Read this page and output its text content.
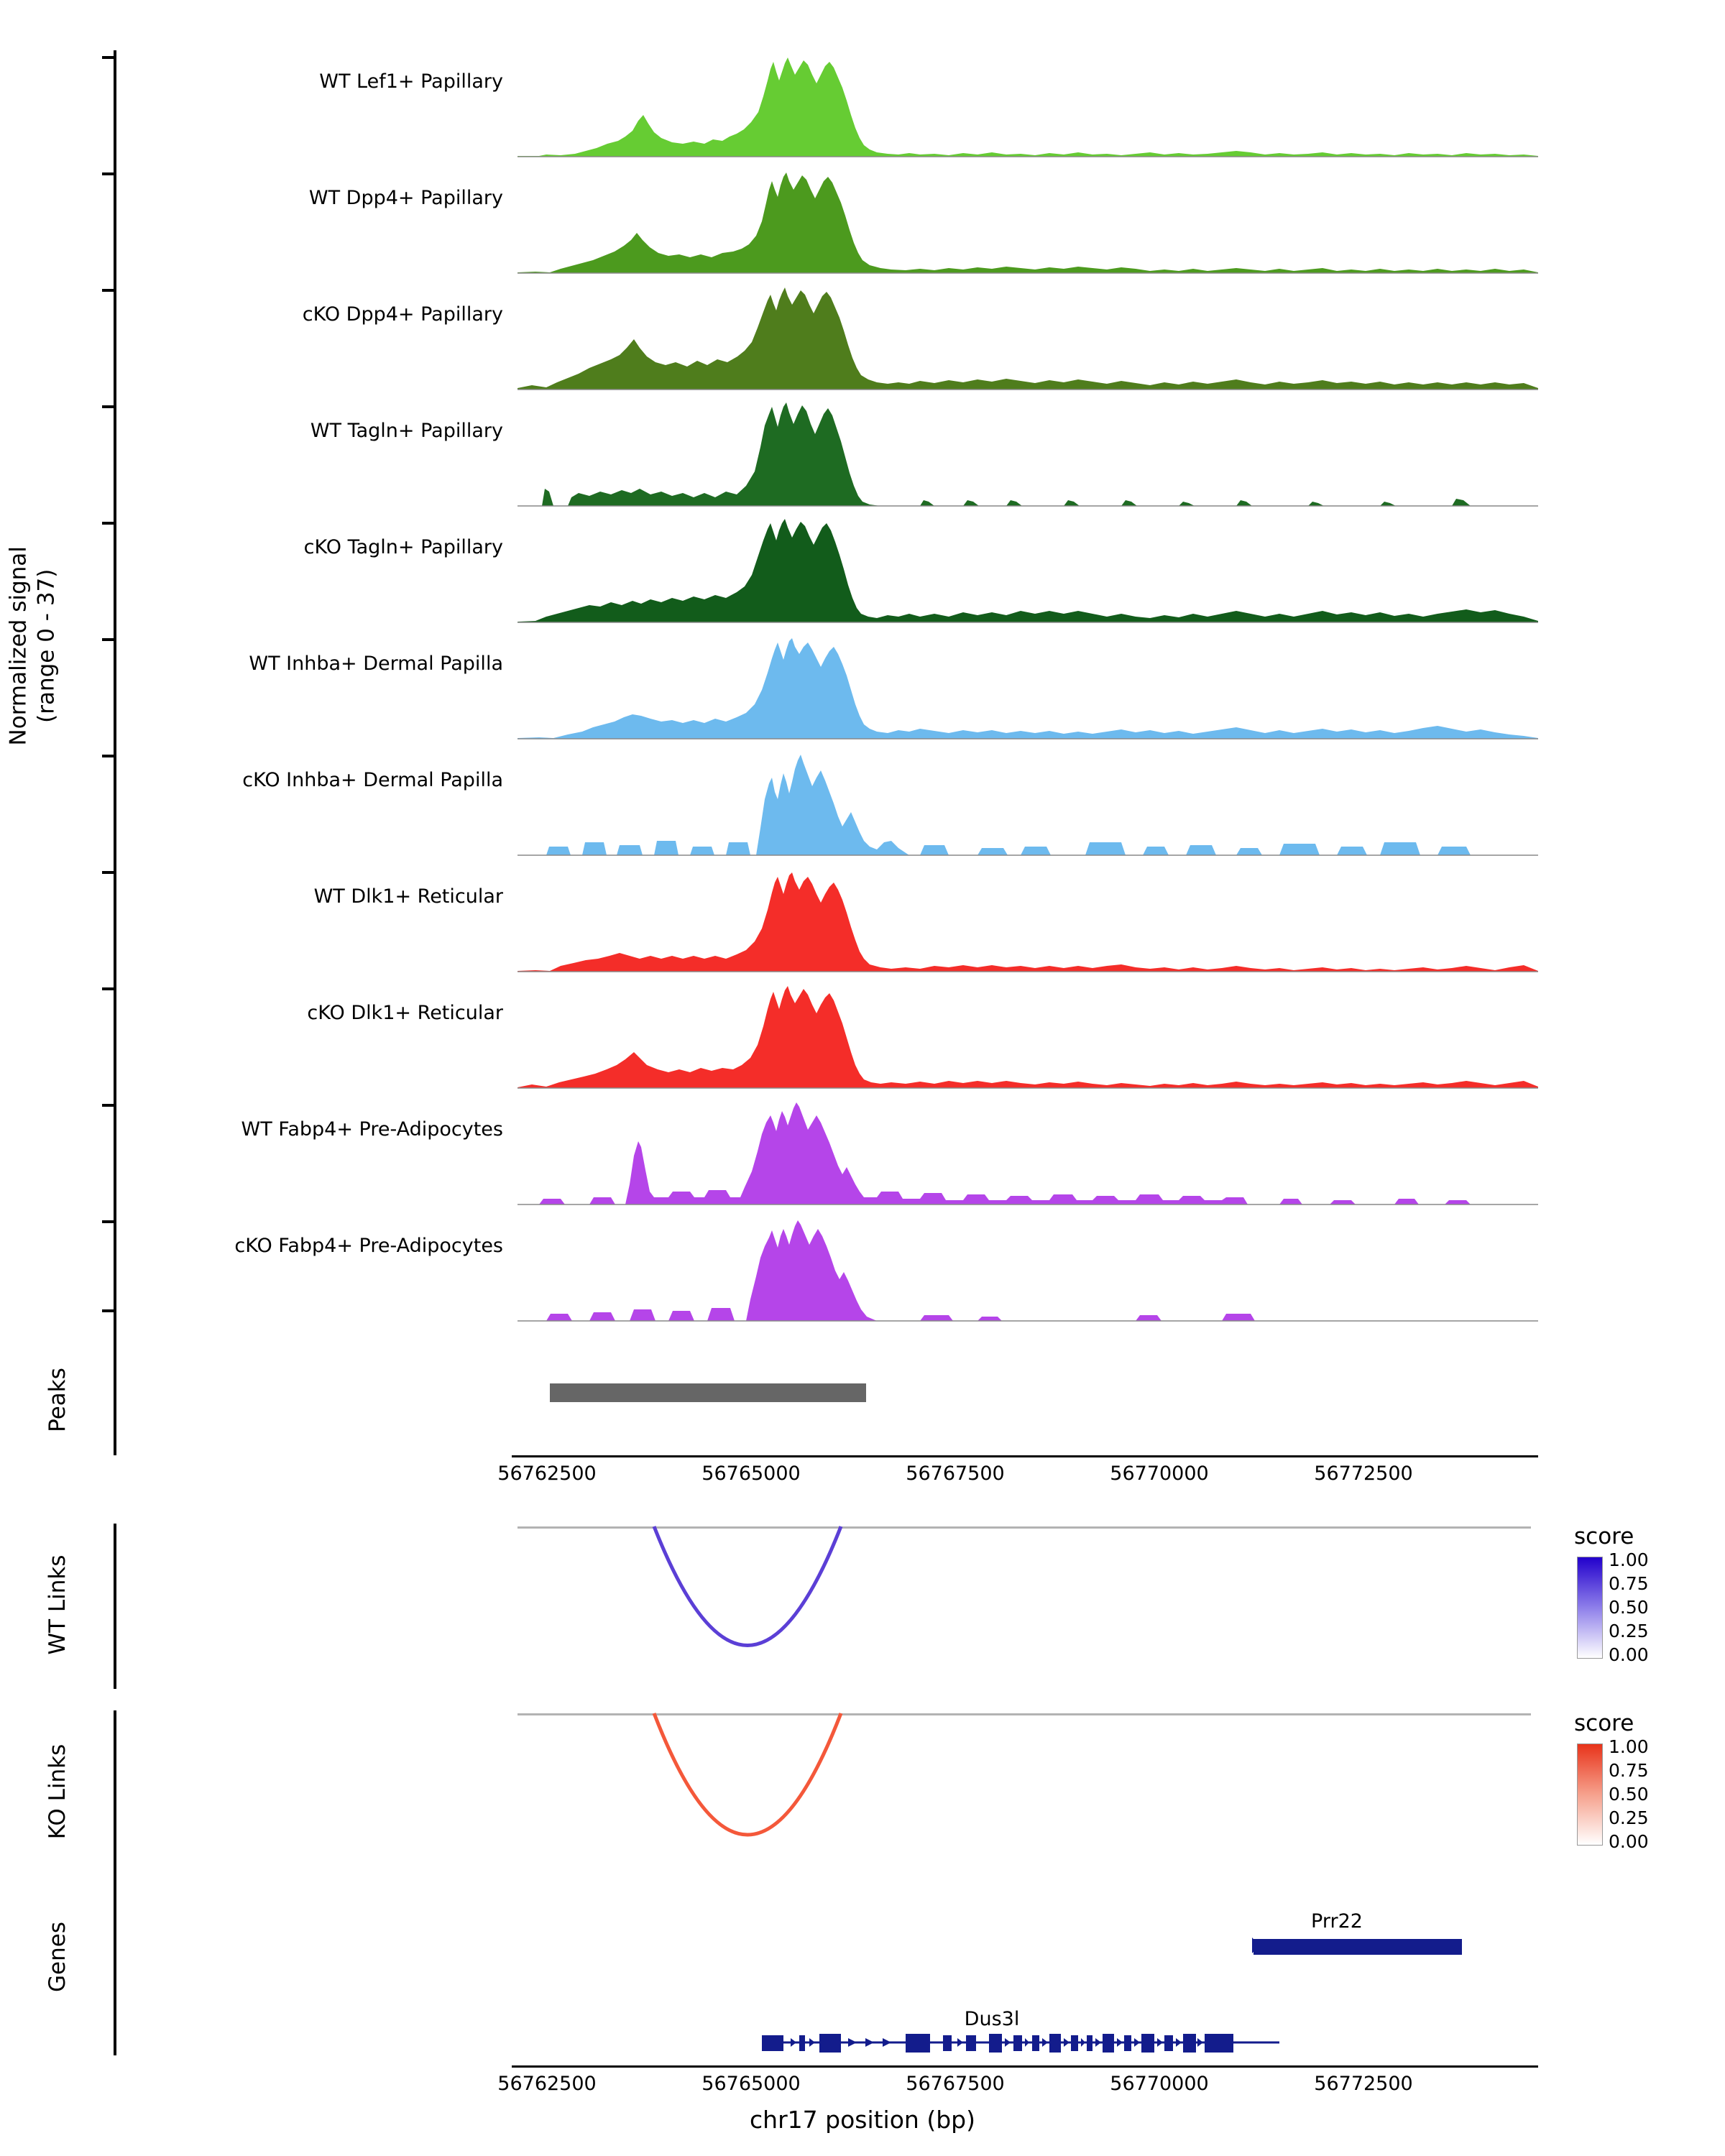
Normalized signal
(range 0 - 37)
WT Lef1+ Papillary
WT Dpp4+ Papillary
cKO Dpp4+ Papillary
WT Tagln+ Papillary
cKO Tagln+ Papillary
WT Inhba+ Dermal Papilla
cKO Inhba+ Dermal Papilla
WT Dlk1+ Reticular
cKO Dlk1+ Reticular
WT Fabp4+ Pre-Adipocytes
cKO Fabp4+ Pre-Adipocytes
Peaks
56762500	56765000	56767500	56770000	56772500
WT Links
score
1.00
0.75
0.50
0.25
0.00
KO Links
score
1.00
0.75
0.50
0.25
0.00
Genes
Prr22
Dus3l
56762500	56765000	56767500	56770000	56772500
chr17 position (bp)
